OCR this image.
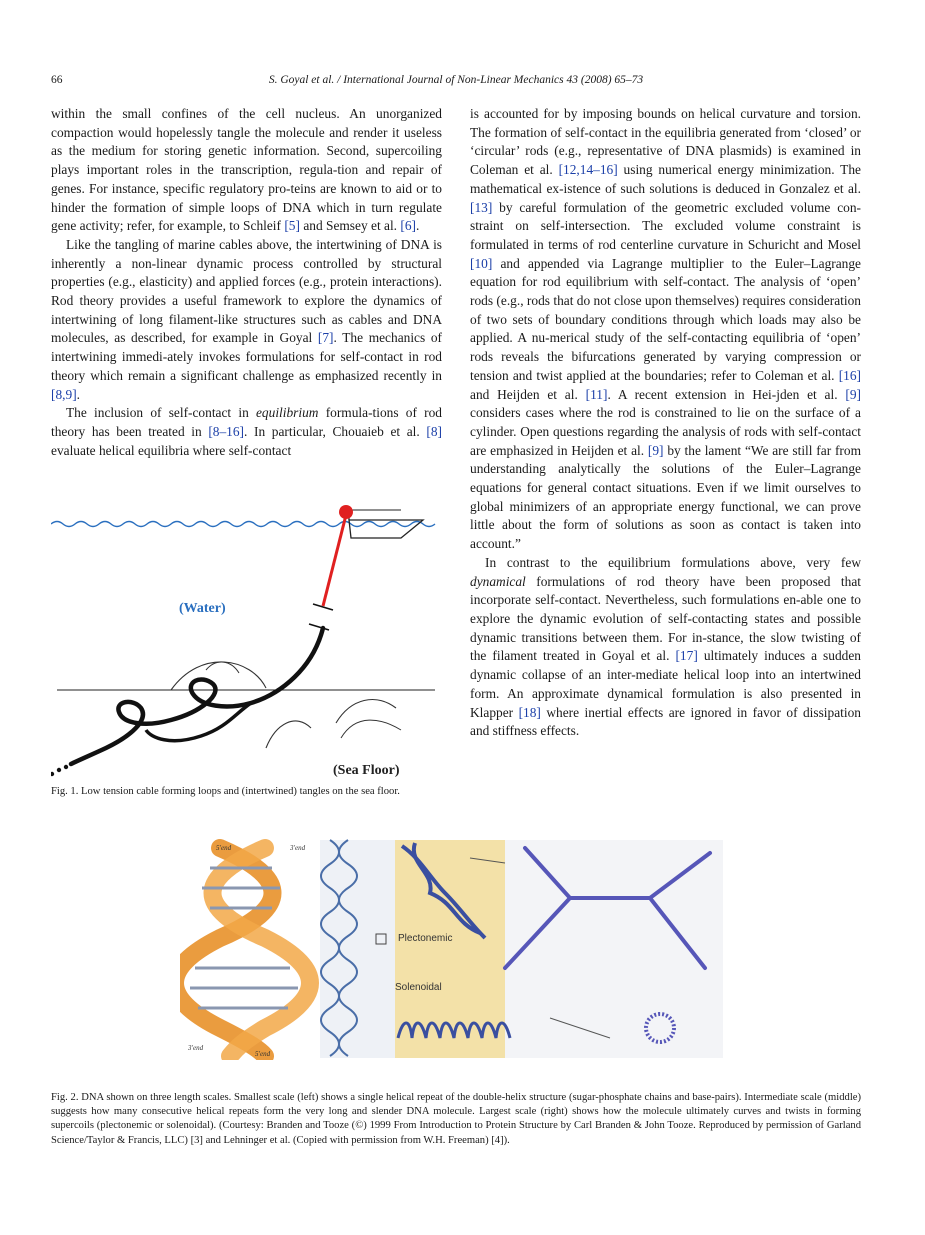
66	S. Goyal et al. / International Journal of Non-Linear Mechanics 43 (2008) 65–73

within the small confines of the cell nucleus. An unorganized compaction would hopelessly tangle the molecule and render it useless as the medium for storing genetic information. Second, supercoiling plays important roles in the transcription, regula-tion and repair of genes. For instance, specific regulatory pro-teins are known to aid or to hinder the formation of simple loops of DNA which in turn regulate gene activity; refer, for example, to Schleif [5] and Semsey et al. [6].

Like the tangling of marine cables above, the intertwining of DNA is inherently a non-linear dynamic process controlled by structural properties (e.g., elasticity) and applied forces (e.g., protein interactions). Rod theory provides a useful framework to explore the dynamics of intertwining of long filament-like structures such as cables and DNA molecules, as described, for example in Goyal [7]. The mechanics of intertwining immedi-ately invokes formulations for self-contact in rod theory which remain a significant challenge as emphasized recently in [8,9].

The inclusion of self-contact in equilibrium formula-tions of rod theory has been treated in [8–16]. In particular, Chouaieb et al. [8] evaluate helical equilibria where self-contact

(Water)
(Sea Floor)
Fig. 1. Low tension cable forming loops and (intertwined) tangles on the sea floor.

is accounted for by imposing bounds on helical curvature and torsion. The formation of self-contact in the equilibria generated from ‘closed’ or ‘circular’ rods (e.g., representative of DNA plasmids) is examined in Coleman et al. [12,14–16] using numerical energy minimization. The mathematical ex-istence of such solutions is deduced in Gonzalez et al. [13] by careful formulation of the geometric excluded volume con-straint on self-intersection. The excluded volume constraint is formulated in terms of rod centerline curvature in Schuricht and Mosel [10] and appended via Lagrange multiplier to the Euler–Lagrange equation for rod equilibrium with self-contact. The analysis of ‘open’ rods (e.g., rods that do not close upon themselves) requires consideration of two sets of boundary conditions through which loads may also be applied. A nu-merical study of the self-contacting equilibria of ‘open’ rods reveals the bifurcations generated by varying compression or tension and twist applied at the boundaries; refer to Coleman et al. [16] and Heijden et al. [11]. A recent extension in Hei-jden et al. [9] considers cases where the rod is constrained to lie on the surface of a cylinder. Open questions regarding the analysis of rods with self-contact are emphasized in Heijden et al. [9] by the lament “We are still far from understanding analytically the solutions of the Euler–Lagrange equations for general contact situations. Even if we limit ourselves to global minimizers of an appropriate energy functional, we can prove little about the form of solutions as soon as contact is taken into account.”

In contrast to the equilibrium formulations above, very few dynamical formulations of rod theory have been proposed that incorporate self-contact. Nevertheless, such formulations en-able one to explore the dynamic evolution of self-contacting states and possible dynamic transitions between them. For in-stance, the slow twisting of the filament treated in Goyal et al. [17] ultimately induces a sudden dynamic collapse of an inter-mediate helical loop into an intertwined form. An approximate dynamical formulation is also presented in Klapper [18] where inertial effects are ignored in favor of dissipation and stiffness effects.

5'end	3'end
3'end
5'end
Plectonemic
Solenoidal
Fig. 2. DNA shown on three length scales. Smallest scale (left) shows a single helical repeat of the double-helix structure (sugar-phosphate chains and base-pairs). Intermediate scale (middle) suggests how many consecutive helical repeats form the very long and slender DNA molecule. Largest scale (right) shows how the molecule ultimately curves and twists in forming supercoils (plectonemic or solenoidal). (Courtesy: Branden and Tooze (©) 1999 From Introduction to Protein Structure by Carl Branden & John Tooze. Reproduced by permission of Garland Science/Taylor & Francis, LLC) [3] and Lehninger et al. (Copied with permission from W.H. Freeman) [4]).
